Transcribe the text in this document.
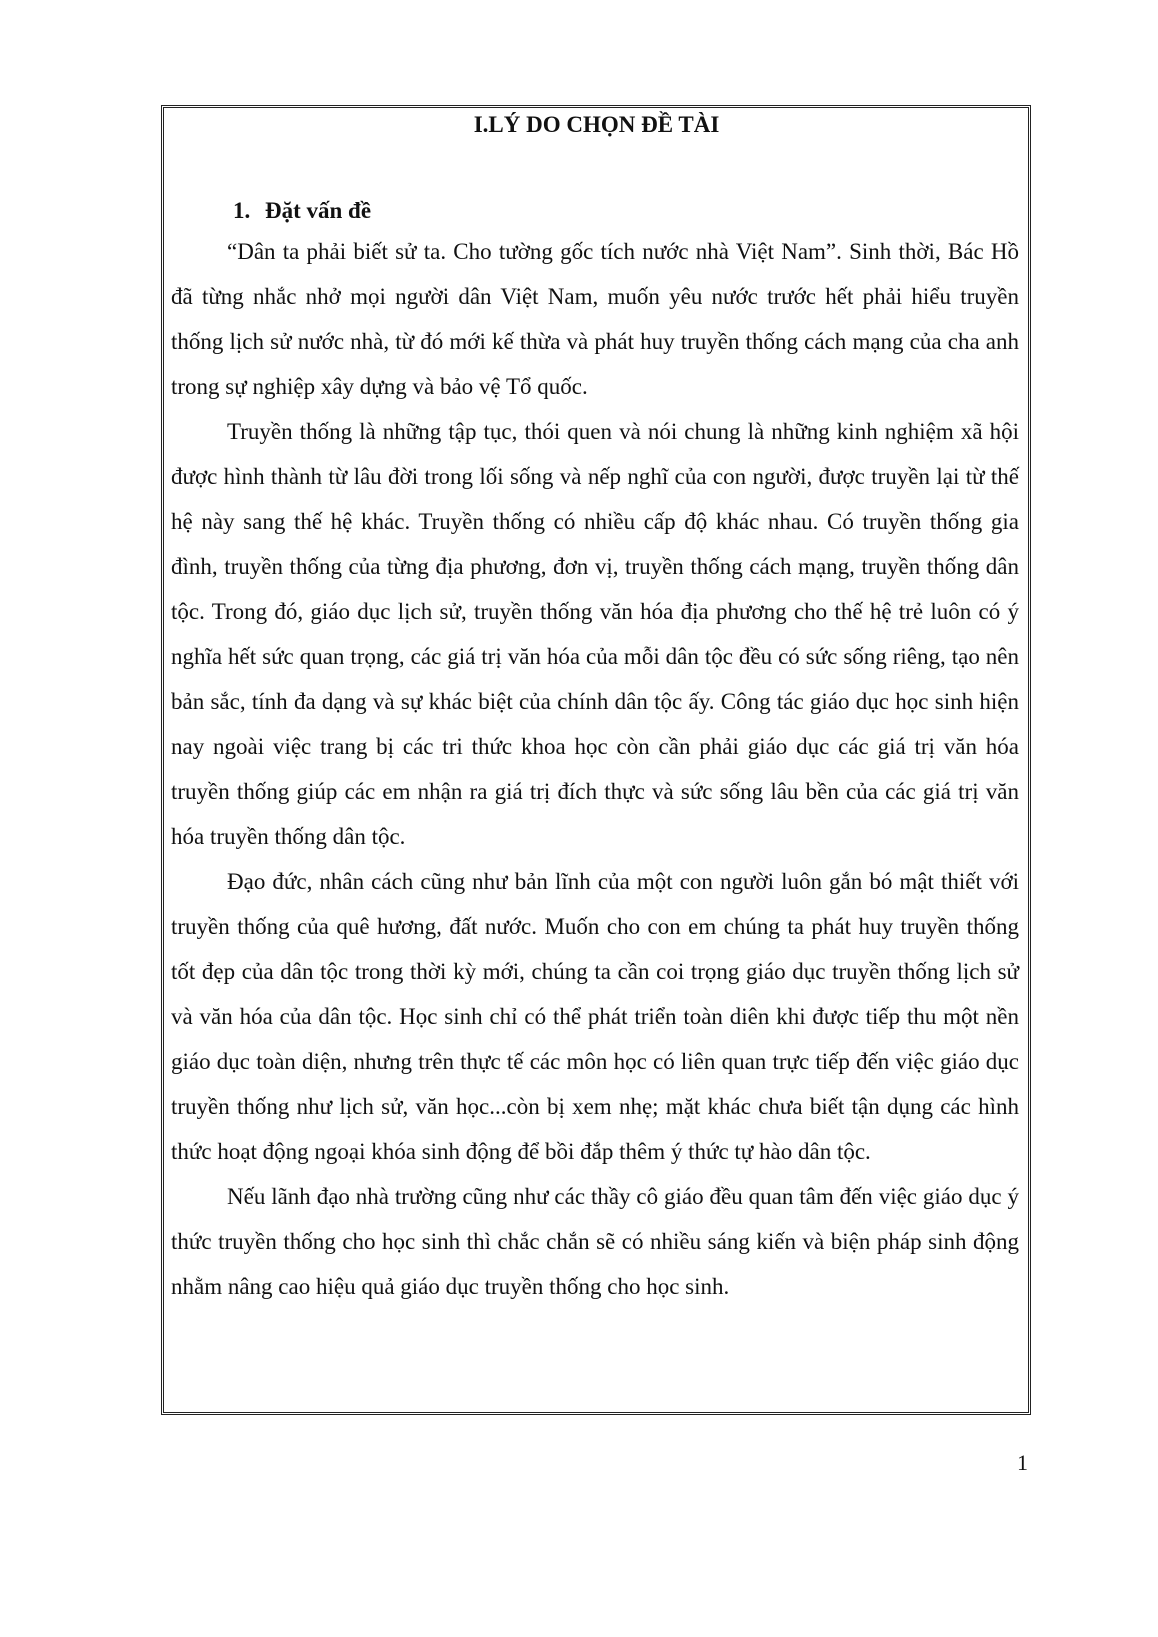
I.LÝ DO CHỌN ĐỀ TÀI
1. Đặt vấn đề

“Dân ta phải biết sử ta. Cho tường gốc tích nước nhà Việt Nam”. Sinh thời, Bác Hồ đã từng nhắc nhở mọi người dân Việt Nam, muốn yêu nước trước hết phải hiểu truyền thống lịch sử nước nhà, từ đó mới kế thừa và phát huy truyền thống cách mạng của cha anh trong sự nghiệp xây dựng và bảo vệ Tổ quốc.

Truyền thống là những tập tục, thói quen và nói chung là những kinh nghiệm xã hội được hình thành từ lâu đời trong lối sống và nếp nghĩ của con người, được truyền lại từ thế hệ này sang thế hệ khác. Truyền thống có nhiều cấp độ khác nhau. Có truyền thống gia đình, truyền thống của từng địa phương, đơn vị, truyền thống cách mạng, truyền thống dân tộc. Trong đó, giáo dục lịch sử, truyền thống văn hóa địa phương cho thế hệ trẻ luôn có ý nghĩa hết sức quan trọng, các giá trị văn hóa của mỗi dân tộc đều có sức sống riêng, tạo nên bản sắc, tính đa dạng và sự khác biệt của chính dân tộc ấy. Công tác giáo dục học sinh hiện nay ngoài việc trang bị các tri thức khoa học còn cần phải giáo dục các giá trị văn hóa truyền thống giúp các em nhận ra giá trị đích thực và sức sống lâu bền của các giá trị văn hóa truyền thống dân tộc.

Đạo đức, nhân cách cũng như bản lĩnh của một con người luôn gắn bó mật thiết với truyền thống của quê hương, đất nước. Muốn cho con em chúng ta phát huy truyền thống tốt đẹp của dân tộc trong thời kỳ mới, chúng ta cần coi trọng giáo dục truyền thống lịch sử và văn hóa của dân tộc. Học sinh chỉ có thể phát triển toàn diên khi được tiếp thu một nền giáo dục toàn diện, nhưng trên thực tế các môn học có liên quan trực tiếp đến việc giáo dục truyền thống như lịch sử, văn học...còn bị xem nhẹ; mặt khác chưa biết tận dụng các hình thức hoạt động ngoại khóa sinh động để bồi đắp thêm ý thức tự hào dân tộc.

Nếu lãnh đạo nhà trường cũng như các thầy cô giáo đều quan tâm đến việc giáo dục ý thức truyền thống cho học sinh thì chắc chắn sẽ có nhiều sáng kiến và biện pháp sinh động nhằm nâng cao hiệu quả giáo dục truyền thống cho học sinh.

1
